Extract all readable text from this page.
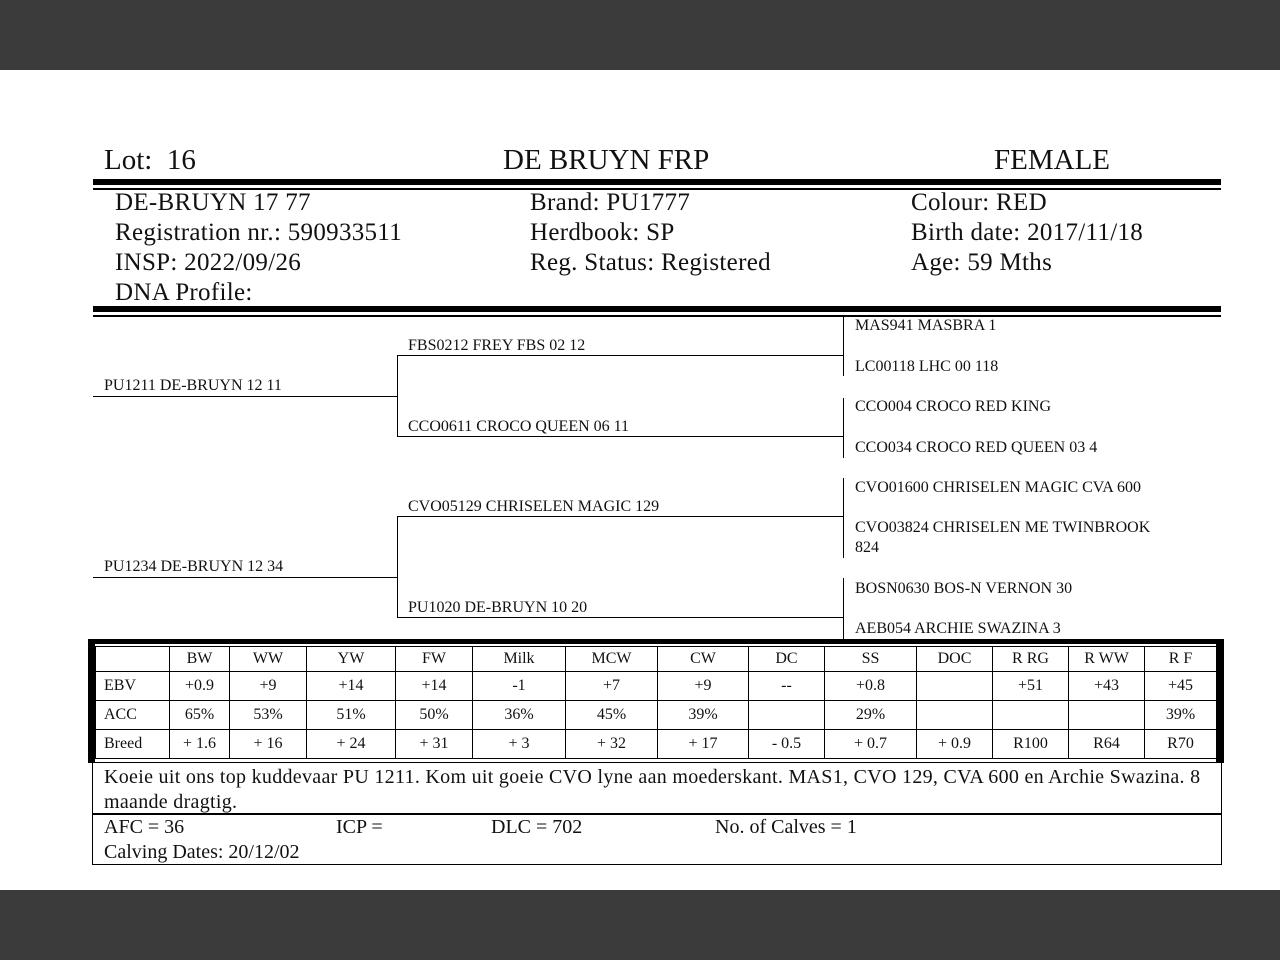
Lot: 16	DE BRUYN FRP	FEMALE
DE-BRUYN 17 77
Registration nr.: 590933511
INSP: 2022/09/26
DNA Profile:
Brand: PU1777
Herdbook: SP
Reg. Status: Registered
Colour: RED
Birth date: 2017/11/18
Age: 59 Mths
PU1211 DE-BRUYN 12 11
PU1234 DE-BRUYN 12 34
FBS0212 FREY FBS 02 12
CCO0611 CROCO QUEEN 06 11
CVO05129 CHRISELEN MAGIC 129
PU1020 DE-BRUYN 10 20
MAS941 MASBRA 1
LC00118 LHC 00 118
CCO004 CROCO RED KING
CCO034 CROCO RED QUEEN 03 4
CVO01600 CHRISELEN MAGIC CVA 600
CVO03824 CHRISELEN ME TWINBROOK
824
BOSN0630 BOS-N VERNON 30
AEB054 ARCHIE SWAZINA 3
	BW	WW	YW	FW	Milk	MCW	CW	DC	SS	DOC	R RG	R WW	R F
EBV	+0.9	+9	+14	+14	-1	+7	+9	--	+0.8		+51	+43	+45
ACC	65%	53%	51%	50%	36%	45%	39%		29%				39%
Breed	+ 1.6	+ 16	+ 24	+ 31	+ 3	+ 32	+ 17	- 0.5	+ 0.7	+ 0.9	R100	R64	R70
Koeie uit ons top kuddevaar PU 1211. Kom uit goeie CVO lyne aan moederskant. MAS1, CVO 129, CVA 600 en Archie Swazina. 8 maande dragtig.
AFC = 36	ICP =	DLC = 702	No. of Calves = 1
Calving Dates: 20/12/02
